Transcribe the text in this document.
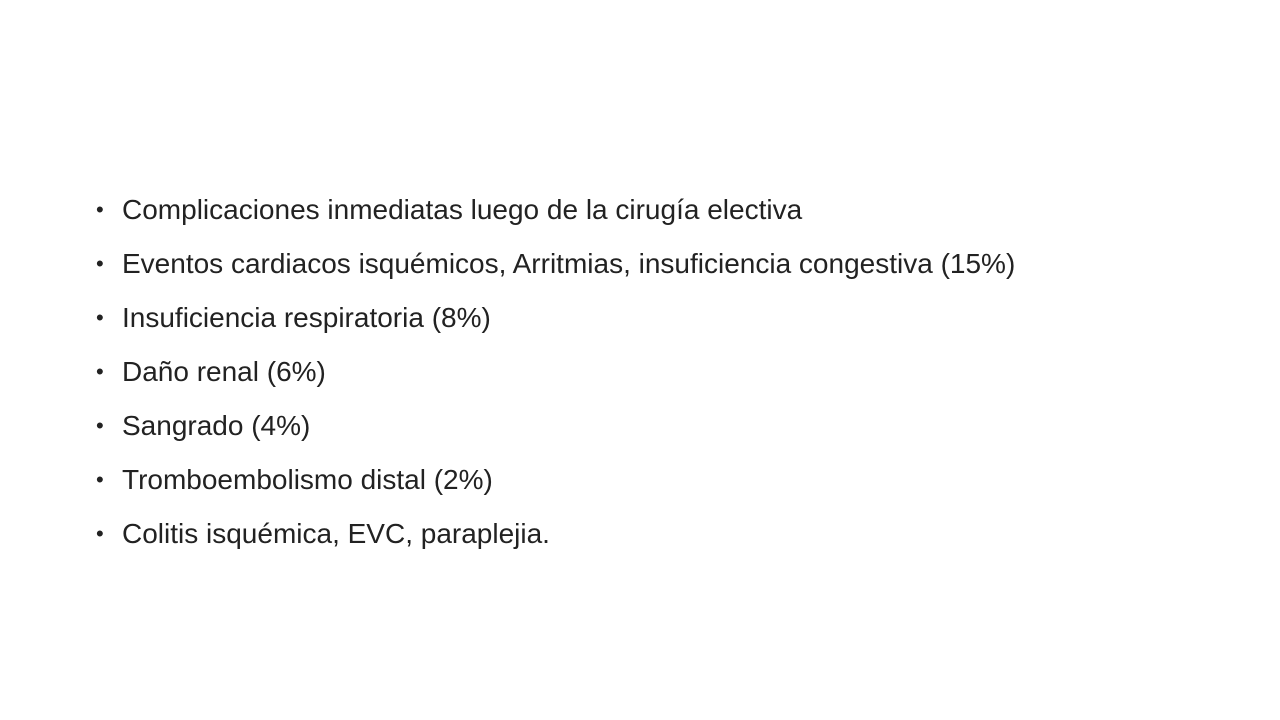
• Complicaciones inmediatas luego de la cirugía electiva
• Eventos cardiacos isquémicos, Arritmias, insuficiencia congestiva (15%)
• Insuficiencia respiratoria (8%)
• Daño renal (6%)
• Sangrado (4%)
• Tromboembolismo distal (2%)
• Colitis isquémica, EVC, paraplejia.
